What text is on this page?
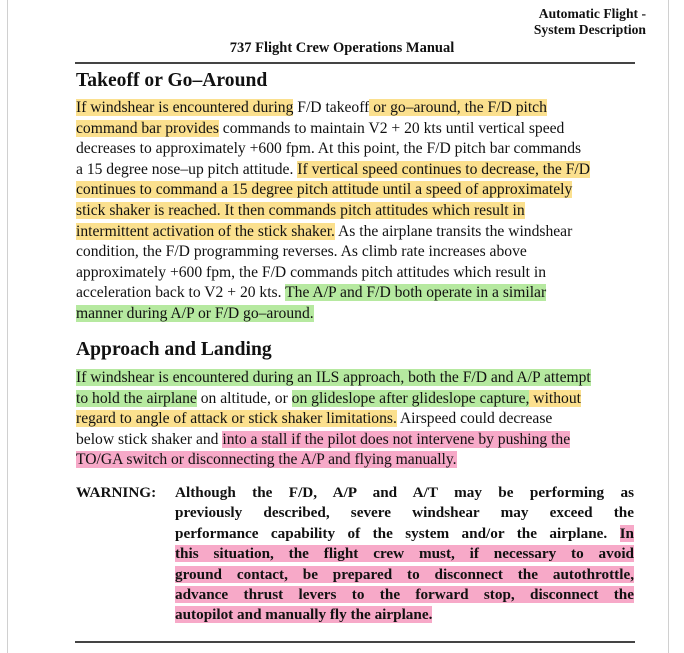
Automatic Flight -
System Description
737 Flight Crew Operations Manual
Takeoff or Go–Around

If windshear is encountered during F/D takeoff or go–around, the F/D pitch
command bar provides commands to maintain V2 + 20 kts until vertical speed
decreases to approximately +600 fpm. At this point, the F/D pitch bar commands
a 15 degree nose–up pitch attitude. If vertical speed continues to decrease, the F/D
continues to command a 15 degree pitch attitude until a speed of approximately
stick shaker is reached. It then commands pitch attitudes which result in
intermittent activation of the stick shaker. As the airplane transits the windshear
condition, the F/D programming reverses. As climb rate increases above
approximately +600 fpm, the F/D commands pitch attitudes which result in
acceleration back to V2 + 20 kts. The A/P and F/D both operate in a similar
manner during A/P or F/D go–around.

Approach and Landing

If windshear is encountered during an ILS approach, both the F/D and A/P attempt
to hold the airplane on altitude, or on glideslope after glideslope capture, without
regard to angle of attack or stick shaker limitations. Airspeed could decrease
below stick shaker and into a stall if the pilot does not intervene by pushing the
TO/GA switch or disconnecting the A/P and flying manually.

WARNING: Although the F/D, A/P and A/T may be performing as
previously described, severe windshear may exceed the
performance capability of the system and/or the airplane. In
this situation, the flight crew must, if necessary to avoid
ground contact, be prepared to disconnect the autothrottle,
advance thrust levers to the forward stop, disconnect the
autopilot and manually fly the airplane.
